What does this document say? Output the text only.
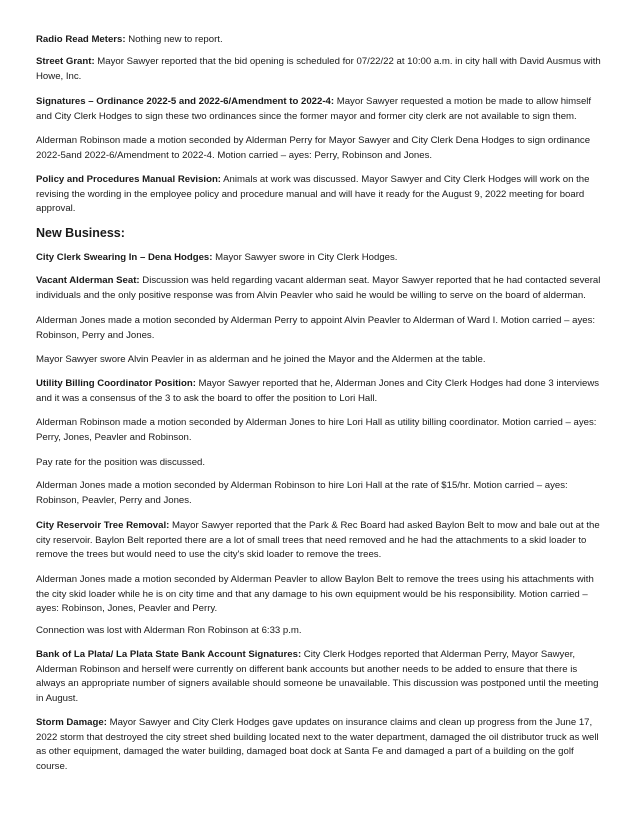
Radio Read Meters: Nothing new to report.

Street Grant: Mayor Sawyer reported that the bid opening is scheduled for 07/22/22 at 10:00 a.m. in city hall with David Ausmus with Howe, Inc.

Signatures – Ordinance 2022-5 and 2022-6/Amendment to 2022-4: Mayor Sawyer requested a motion be made to allow himself and City Clerk Hodges to sign these two ordinances since the former mayor and former city clerk are not available to sign them.

Alderman Robinson made a motion seconded by Alderman Perry for Mayor Sawyer and City Clerk Dena Hodges to sign ordinance 2022-5and 2022-6/Amendment to 2022-4. Motion carried – ayes: Perry, Robinson and Jones.

Policy and Procedures Manual Revision: Animals at work was discussed. Mayor Sawyer and City Clerk Hodges will work on the revising the wording in the employee policy and procedure manual and will have it ready for the August 9, 2022 meeting for board approval.

New Business:

City Clerk Swearing In – Dena Hodges: Mayor Sawyer swore in City Clerk Hodges.

Vacant Alderman Seat: Discussion was held regarding vacant alderman seat. Mayor Sawyer reported that he had contacted several individuals and the only positive response was from Alvin Peavler who said he would be willing to serve on the board of alderman.

Alderman Jones made a motion seconded by Alderman Perry to appoint Alvin Peavler to Alderman of Ward I. Motion carried – ayes: Robinson, Perry and Jones.

Mayor Sawyer swore Alvin Peavler in as alderman and he joined the Mayor and the Aldermen at the table.

Utility Billing Coordinator Position: Mayor Sawyer reported that he, Alderman Jones and City Clerk Hodges had done 3 interviews and it was a consensus of the 3 to ask the board to offer the position to Lori Hall.

Alderman Robinson made a motion seconded by Alderman Jones to hire Lori Hall as utility billing coordinator. Motion carried – ayes: Perry, Jones, Peavler and Robinson.

Pay rate for the position was discussed.

Alderman Jones made a motion seconded by Alderman Robinson to hire Lori Hall at the rate of $15/hr. Motion carried – ayes: Robinson, Peavler, Perry and Jones.

City Reservoir Tree Removal: Mayor Sawyer reported that the Park & Rec Board had asked Baylon Belt to mow and bale out at the city reservoir. Baylon Belt reported there are a lot of small trees that need removed and he had the attachments to a skid loader to remove the trees but would need to use the city's skid loader to remove the trees.

Alderman Jones made a motion seconded by Alderman Peavler to allow Baylon Belt to remove the trees using his attachments with the city skid loader while he is on city time and that any damage to his own equipment would be his responsibility. Motion carried – ayes: Robinson, Jones, Peavler and Perry.

Connection was lost with Alderman Ron Robinson at 6:33 p.m.

Bank of La Plata/ La Plata State Bank Account Signatures: City Clerk Hodges reported that Alderman Perry, Mayor Sawyer, Alderman Robinson and herself were currently on different bank accounts but another needs to be added to ensure that there is always an appropriate number of signers available should someone be unavailable. This discussion was postponed until the meeting in August.

Storm Damage: Mayor Sawyer and City Clerk Hodges gave updates on insurance claims and clean up progress from the June 17, 2022 storm that destroyed the city street shed building located next to the water department, damaged the oil distributor truck as well as other equipment, damaged the water building, damaged boat dock at Santa Fe and damaged a part of a building on the golf course.
